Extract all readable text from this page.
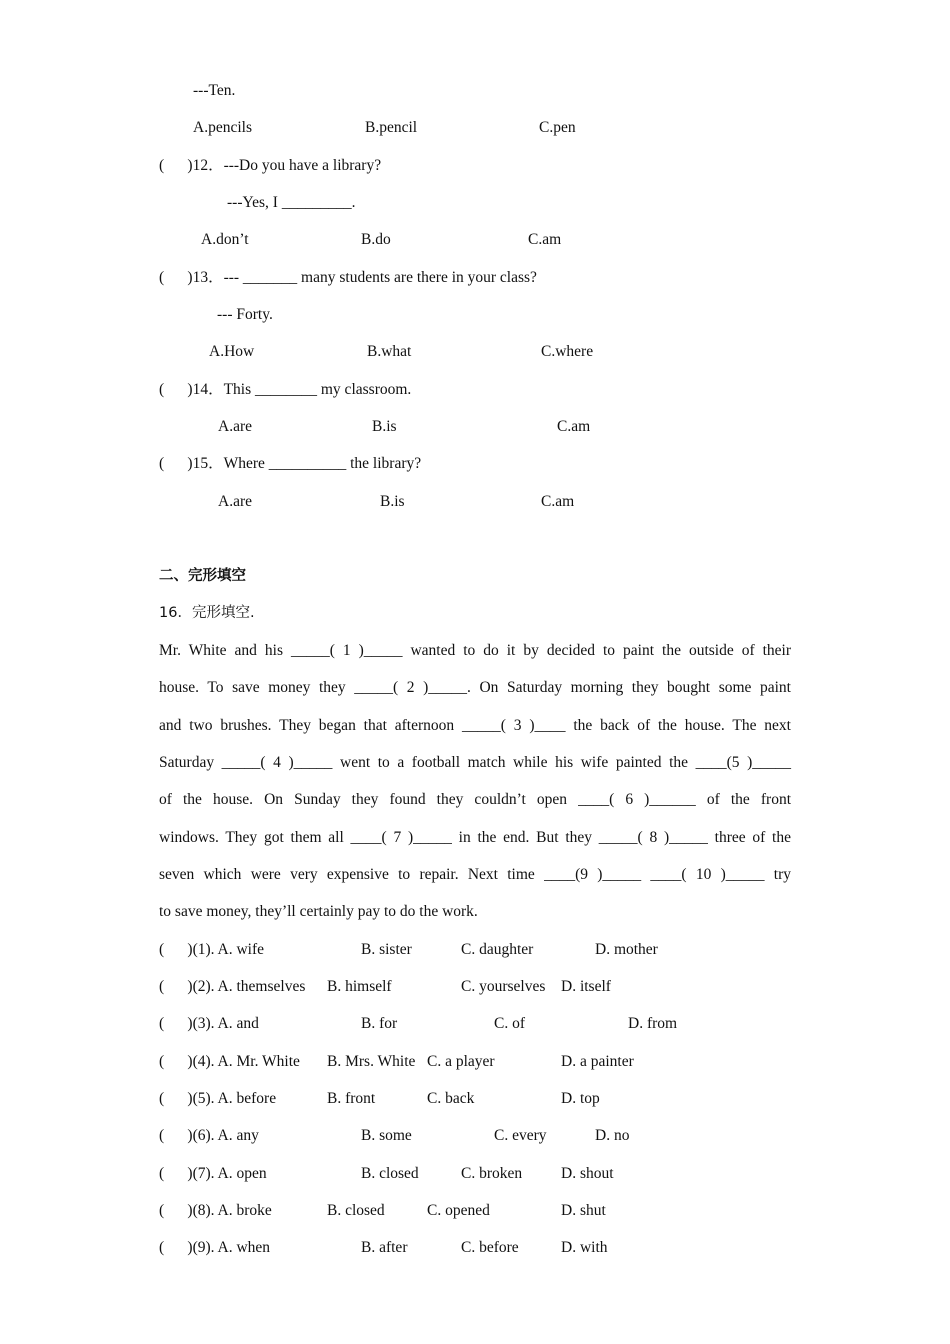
---Ten.
A.pencils	B.pencil	C.pen
(      )12．---Do you have a library?
---Yes, I _________.
A.don’t	B.do	C.am
(      )13．--- _______ many students are there in your class?
--- Forty.
A.How	B.what	C.where
(      )14．This ________ my classroom.
A.are	B.is	C.am
(      )15．Where __________ the library?
A.are	B.is	C.am
二、完形填空
16．完形填空.
Mr. White and his _____( 1 )_____ wanted to do it by decided to paint the outside of their
house. To save money they _____( 2 )_____. On Saturday morning they bought some paint
and two brushes. They began that afternoon _____( 3 )____ the back of the house. The next
Saturday _____( 4 )_____ went to a football match while his wife painted the ____(5 )_____
of the house. On Sunday they found they couldn’t open ____( 6 )______ of the front
windows. They got them all ____( 7 )_____ in the end. But they _____( 8 )_____ three of the
seven which were very expensive to repair. Next time ____(9 )_____ ____( 10 )_____ try
to save money, they’ll certainly pay to do the work.
(      )(1). A. wife	B. sister	C. daughter	D. mother
(      )(2). A. themselves B. himself	C. yourselves D. itself
(      )(3). A. and	B. for	C. of	D. from
(      )(4). A. Mr. White B. Mrs. White C. a player	D. a painter
(      )(5). A. before	B. front	C. back	D. top
(      )(6). A. any	B. some	C. every	D. no
(      )(7). A. open	B. closed	C. broken	D. shout
(      )(8). A. broke	B. closed	C. opened	D. shut
(      )(9). A. when	B. after	C. before	D. with
